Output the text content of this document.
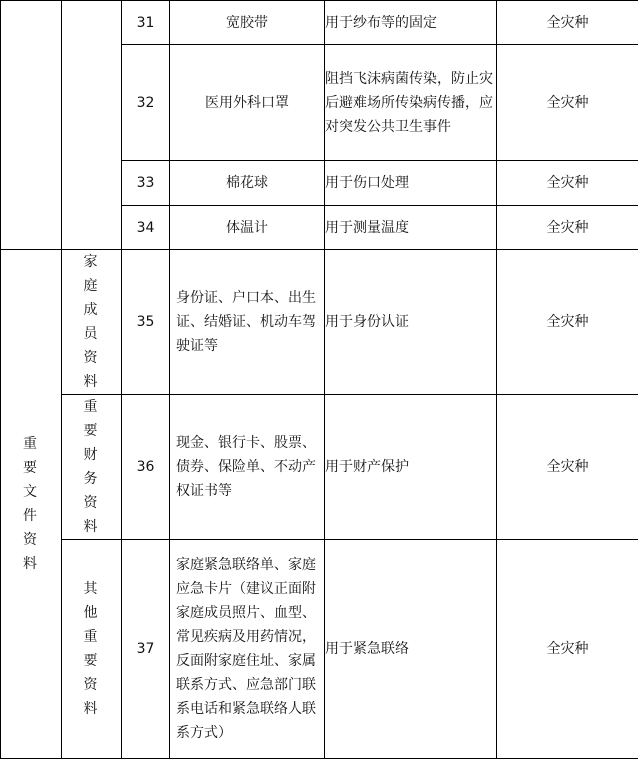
		31	宽胶带	用于纱布等的固定	全灾种
		32	医用外科口罩	阻挡飞沫病菌传染，防止灾后避难场所传染病传播，应对突发公共卫生事件	全灾种
		33	棉花球	用于伤口处理	全灾种
		34	体温计	用于测量温度	全灾种
重要文件资料	家庭成员资料	35	身份证、户口本、出生证、结婚证、机动车驾驶证等	用于身份认证	全灾种
	重要财务资料	36	现金、银行卡、股票、债券、保险单、不动产权证书等	用于财产保护	全灾种
	其他重要资料	37	家庭紧急联络单、家庭应急卡片（建议正面附家庭成员照片、血型、常见疾病及用药情况，反面附家庭住址、家属联系方式、应急部门联系电话和紧急联络人联系方式）	用于紧急联络	全灾种
